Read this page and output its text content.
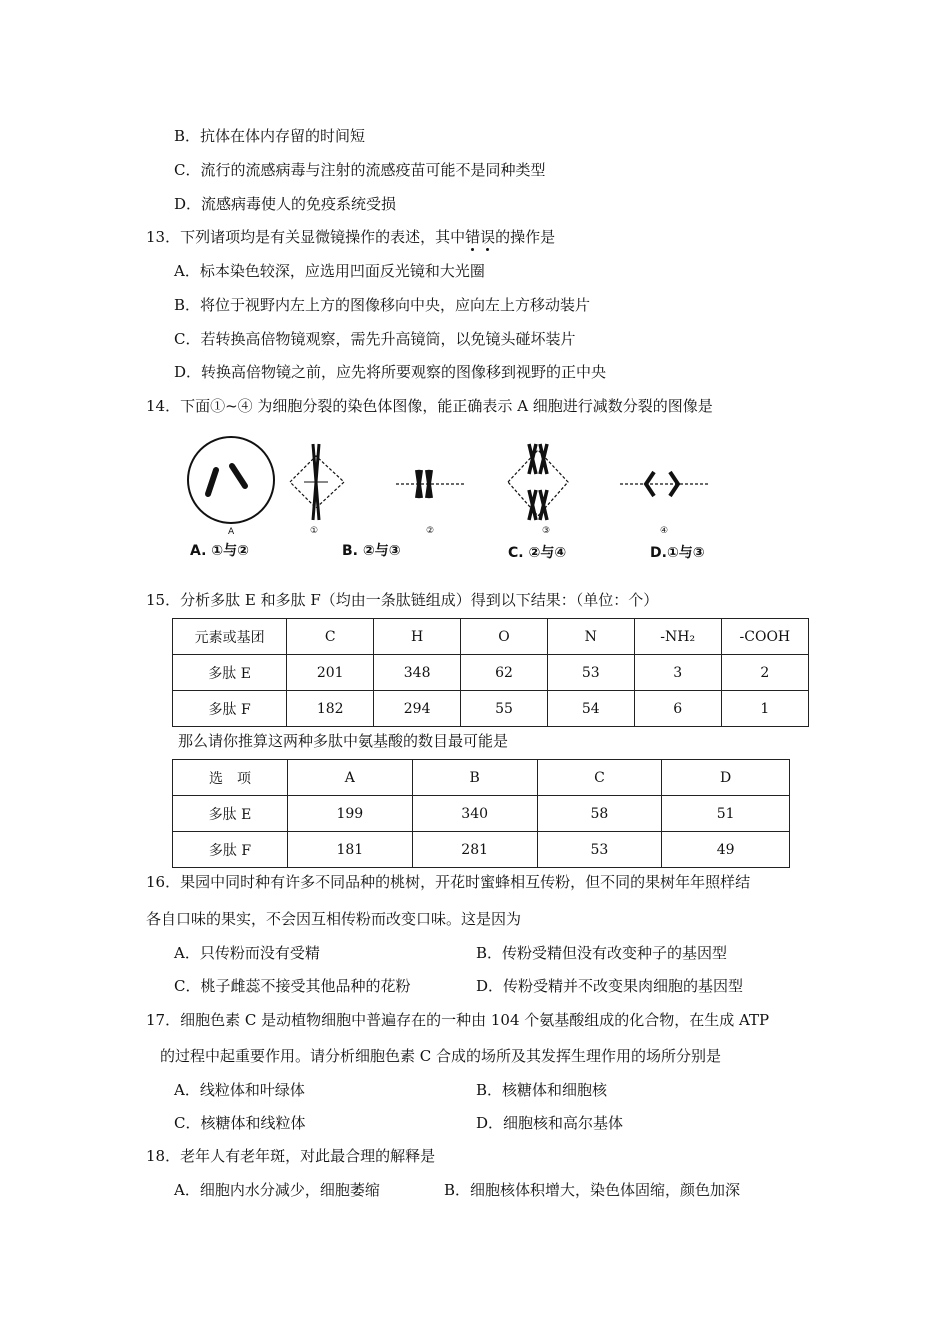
B．抗体在体内存留的时间短
C．流行的流感病毒与注射的流感疫苗可能不是同种类型
D．流感病毒使人的免疫系统受损
13．下列诸项均是有关显微镜操作的表述，其中错误的操作是
A．标本染色较深，应选用凹面反光镜和大光圈
B．将位于视野内左上方的图像移向中央，应向左上方移动装片
C．若转换高倍物镜观察，需先升高镜筒，以免镜头碰坏装片
D．转换高倍物镜之前，应先将所要观察的图像移到视野的正中央
14．下面①~④ 为细胞分裂的染色体图像，能正确表示 A 细胞进行减数分裂的图像是
A	①	②	③	④
A. ①与②	B. ②与③	C. ②与④	D.①与③
15．分析多肽 E 和多肽 F（均由一条肽链组成）得到以下结果：（单位：个）
元素或基团	C	H	O	N	-NH₂	-COOH
多肽 E	201	348	62	53	3	2
多肽 F	182	294	55	54	6	1
那么请你推算这两种多肽中氨基酸的数目最可能是
选　项	A	B	C	D
多肽 E	199	340	58	51
多肽 F	181	281	53	49
16．果园中同时种有许多不同品种的桃树，开花时蜜蜂相互传粉，但不同的果树年年照样结
各自口味的果实，不会因互相传粉而改变口味。这是因为
A．只传粉而没有受精	B．传粉受精但没有改变种子的基因型
C．桃子雌蕊不接受其他品种的花粉	D．传粉受精并不改变果肉细胞的基因型
17．细胞色素 C 是动植物细胞中普遍存在的一种由 104 个氨基酸组成的化合物，在生成 ATP
的过程中起重要作用。请分析细胞色素 C 合成的场所及其发挥生理作用的场所分别是
A．线粒体和叶绿体	B．核糖体和细胞核
C．核糖体和线粒体	D．细胞核和高尔基体
18．老年人有老年斑，对此最合理的解释是
A．细胞内水分减少，细胞萎缩	B．细胞核体积增大，染色体固缩，颜色加深
